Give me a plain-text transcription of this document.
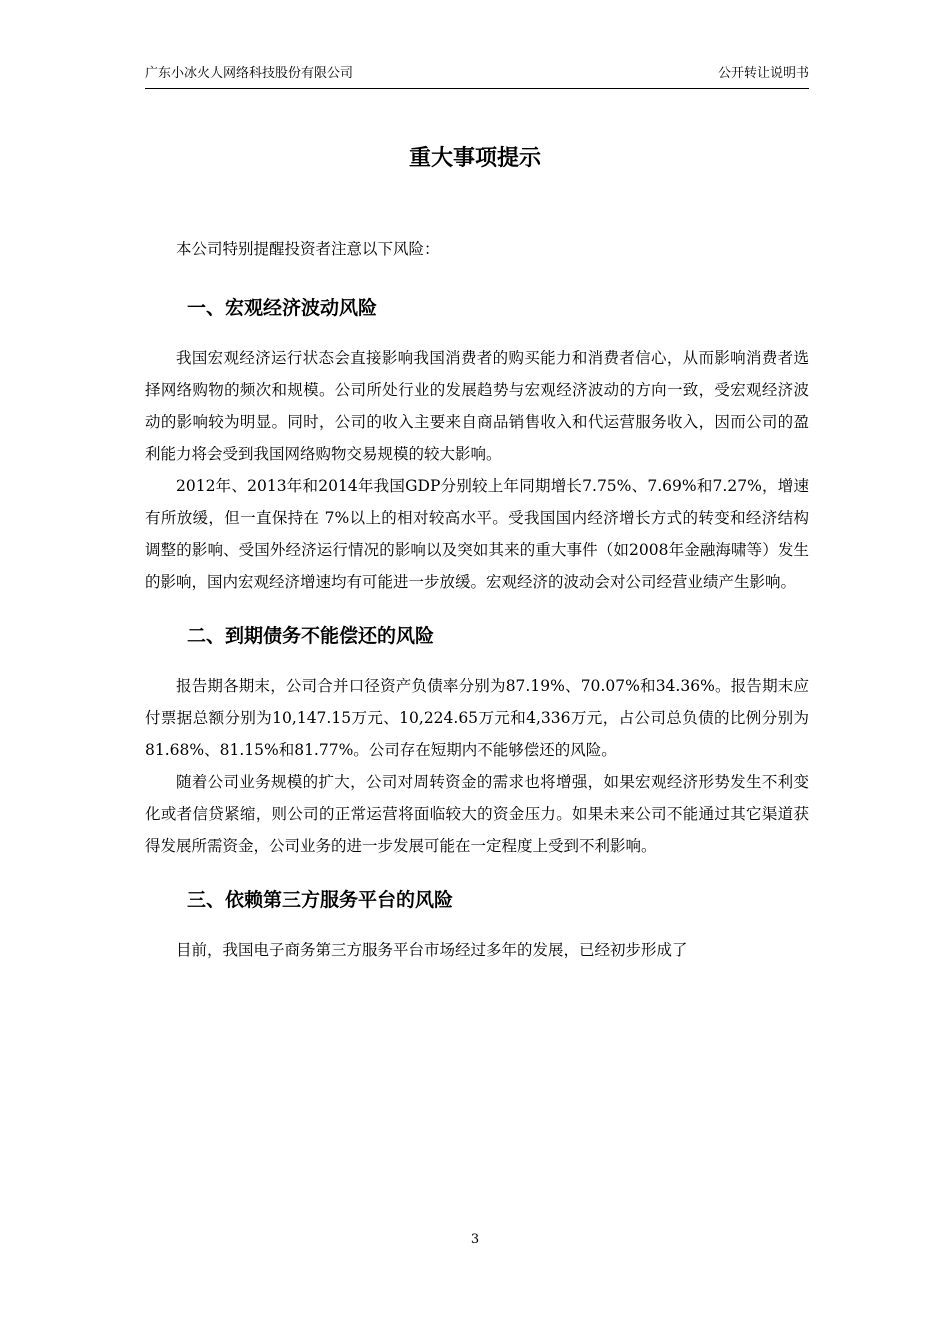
广东小冰火人网络科技股份有限公司	公开转让说明书
重大事项提示

本公司特别提醒投资者注意以下风险：

一、宏观经济波动风险

我国宏观经济运行状态会直接影响我国消费者的购买能力和消费者信心，从而影响消费者选择网络购物的频次和规模。公司所处行业的发展趋势与宏观经济波动的方向一致，受宏观经济波动的影响较为明显。同时，公司的收入主要来自商品销售收入和代运营服务收入，因而公司的盈利能力将会受到我国网络购物交易规模的较大影响。

2012年、2013年和2014年我国GDP分别较上年同期增长7.75%、7.69%和7.27%，增速有所放缓，但一直保持在 7%以上的相对较高水平。受我国国内经济增长方式的转变和经济结构调整的影响、受国外经济运行情况的影响以及突如其来的重大事件（如2008年金融海啸等）发生的影响，国内宏观经济增速均有可能进一步放缓。宏观经济的波动会对公司经营业绩产生影响。

二、到期债务不能偿还的风险

报告期各期末，公司合并口径资产负债率分别为87.19%、70.07%和34.36%。报告期末应付票据总额分别为10,147.15万元、10,224.65万元和4,336万元，占公司总负债的比例分别为81.68%、81.15%和81.77%。公司存在短期内不能够偿还的风险。

随着公司业务规模的扩大，公司对周转资金的需求也将增强，如果宏观经济形势发生不利变化或者信贷紧缩，则公司的正常运营将面临较大的资金压力。如果未来公司不能通过其它渠道获得发展所需资金，公司业务的进一步发展可能在一定程度上受到不利影响。

三、依赖第三方服务平台的风险

目前，我国电子商务第三方服务平台市场经过多年的发展，已经初步形成了

3
